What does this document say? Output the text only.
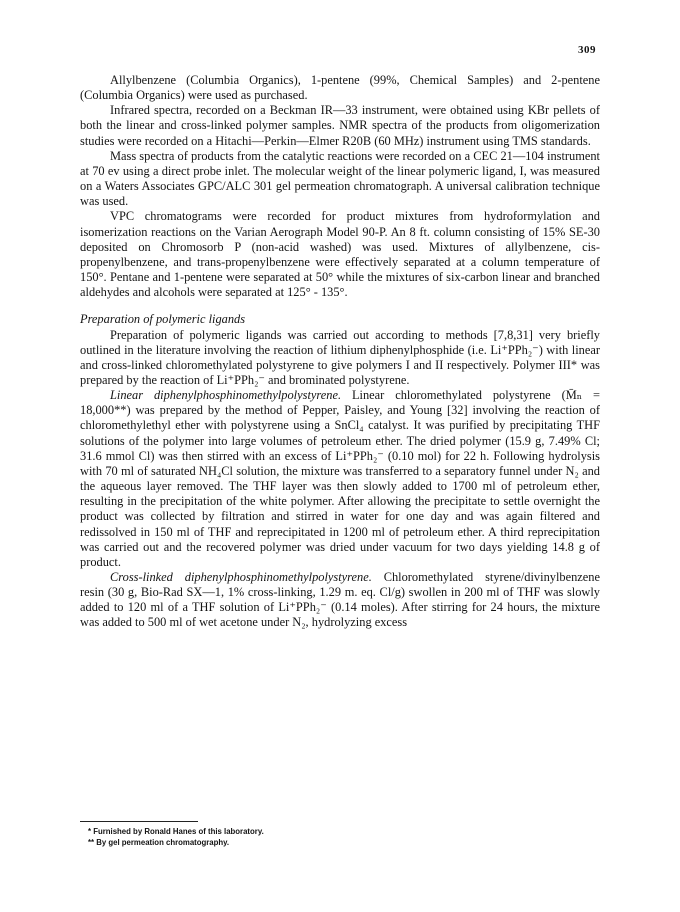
309

Allylbenzene (Columbia Organics), 1-pentene (99%, Chemical Samples) and 2-pentene (Columbia Organics) were used as purchased.

Infrared spectra, recorded on a Beckman IR—33 instrument, were obtained using KBr pellets of both the linear and cross-linked polymer samples. NMR spectra of the products from oligomerization studies were recorded on a Hitachi—Perkin—Elmer R20B (60 MHz) instrument using TMS standards.

Mass spectra of products from the catalytic reactions were recorded on a CEC 21—104 instrument at 70 ev using a direct probe inlet. The molecular weight of the linear polymeric ligand, I, was measured on a Waters Associates GPC/ALC 301 gel permeation chromatograph. A universal calibration technique was used.

VPC chromatograms were recorded for product mixtures from hydroformylation and isomerization reactions on the Varian Aerograph Model 90-P. An 8 ft. column consisting of 15% SE-30 deposited on Chromosorb P (non-acid washed) was used. Mixtures of allylbenzene, cis-propenylbenzene, and trans-propenylbenzene were effectively separated at a column temperature of 150°. Pentane and 1-pentene were separated at 50° while the mixtures of six-carbon linear and branched aldehydes and alcohols were separated at 125° - 135°.

Preparation of polymeric ligands

Preparation of polymeric ligands was carried out according to methods [7,8,31] very briefly outlined in the literature involving the reaction of lithium diphenylphosphide (i.e. Li⁺PPh₂⁻) with linear and cross-linked chloromethylated polystyrene to give polymers I and II respectively. Polymer III* was prepared by the reaction of Li⁺PPh₂⁻ and brominated polystyrene.

Linear diphenylphosphinomethylpolystyrene. Linear chloromethylated polystyrene (M̄ₙ = 18,000**) was prepared by the method of Pepper, Paisley, and Young [32] involving the reaction of chloromethylethyl ether with polystyrene using a SnCl₄ catalyst. It was purified by precipitating THF solutions of the polymer into large volumes of petroleum ether. The dried polymer (15.9 g, 7.49% Cl; 31.6 mmol Cl) was then stirred with an excess of Li⁺PPh₂⁻ (0.10 mol) for 22 h. Following hydrolysis with 70 ml of saturated NH₄Cl solution, the mixture was transferred to a separatory funnel under N₂ and the aqueous layer removed. The THF layer was then slowly added to 1700 ml of petroleum ether, resulting in the precipitation of the white polymer. After allowing the precipitate to settle overnight the product was collected by filtration and stirred in water for one day and was again filtered and redissolved in 150 ml of THF and reprecipitated in 1200 ml of petroleum ether. A third reprecipitation was carried out and the recovered polymer was dried under vacuum for two days yielding 14.8 g of product.

Cross-linked diphenylphosphinomethylpolystyrene. Chloromethylated styrene/divinylbenzene resin (30 g, Bio-Rad SX—1, 1% cross-linking, 1.29 m. eq. Cl/g) swollen in 200 ml of THF was slowly added to 120 ml of a THF solution of Li⁺PPh₂⁻ (0.14 moles). After stirring for 24 hours, the mixture was added to 500 ml of wet acetone under N₂, hydrolyzing excess

* Furnished by Ronald Hanes of this laboratory.

** By gel permeation chromatography.
